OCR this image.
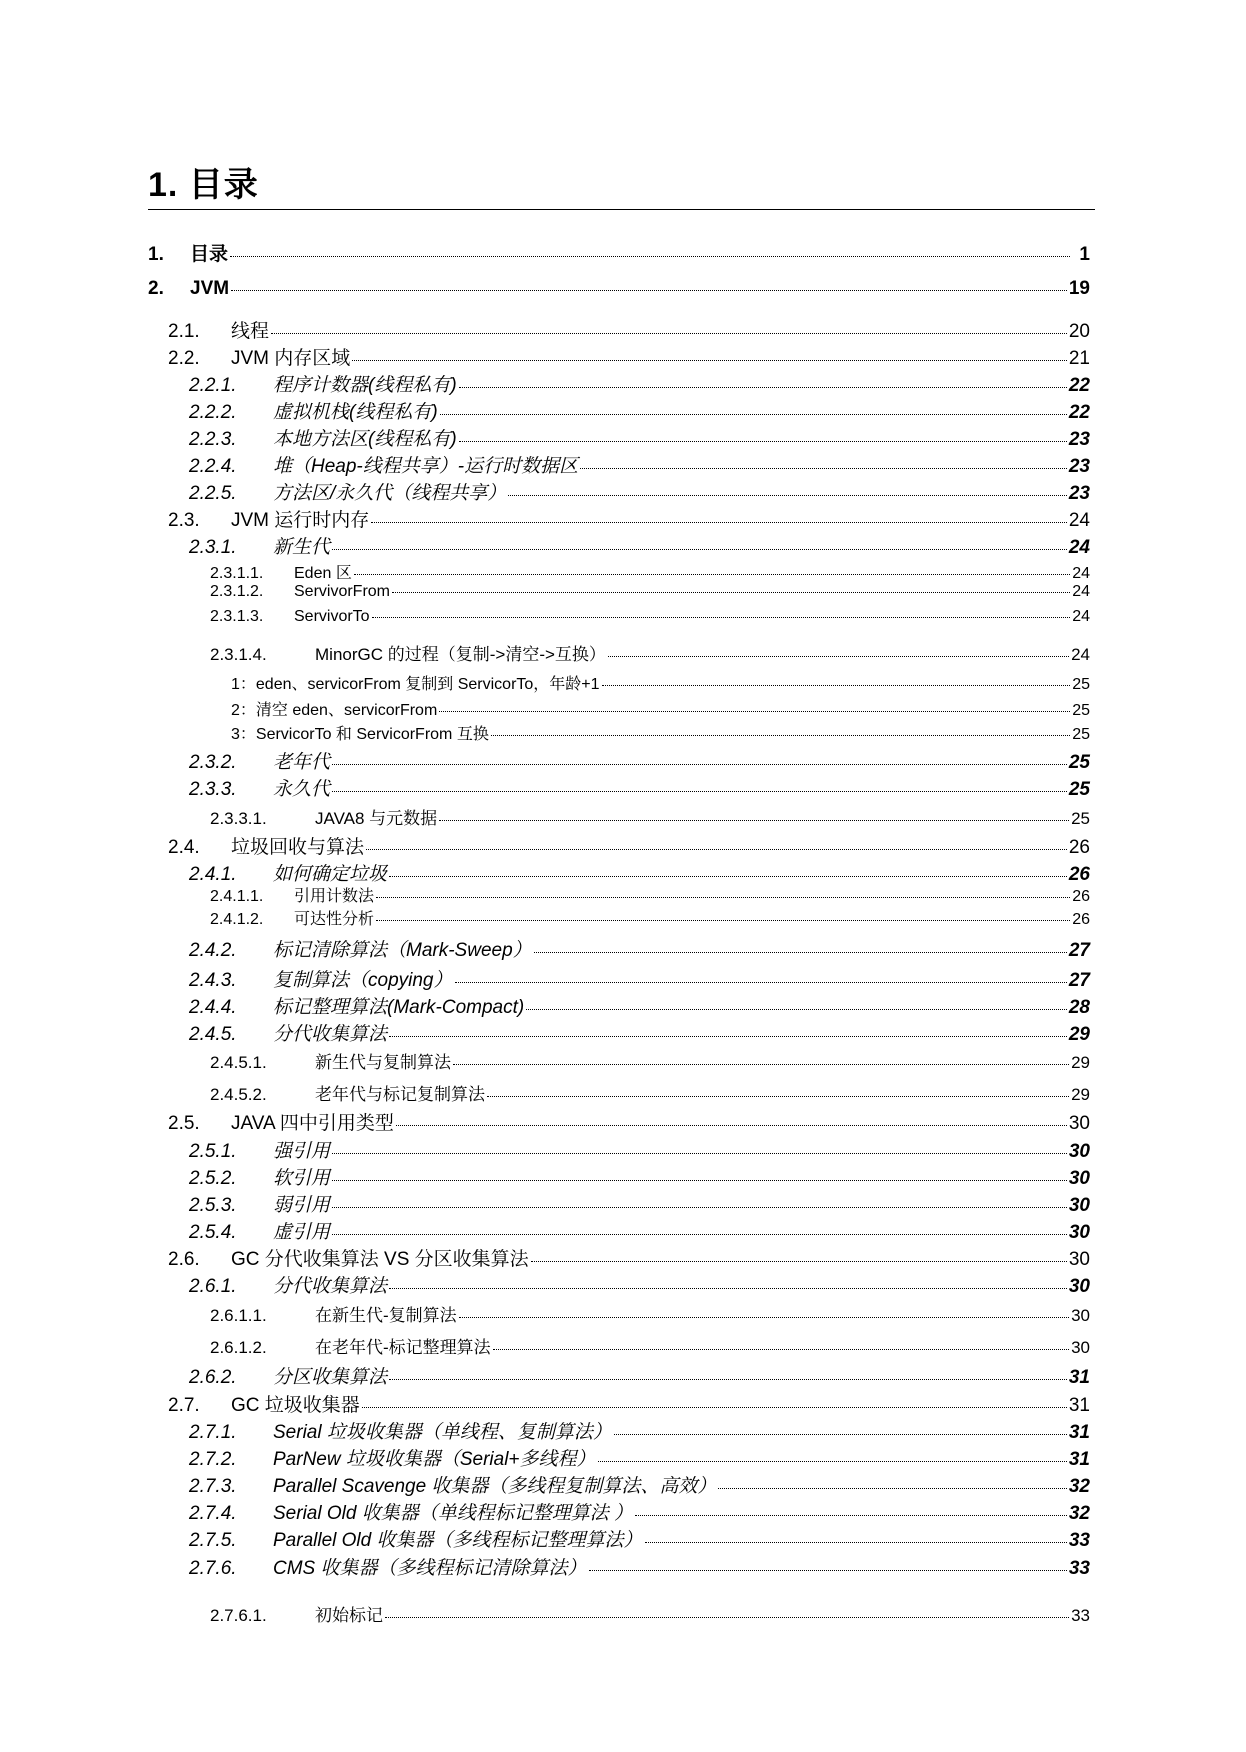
1. 目录
1.	目录	1
2.	JVM	19
2.1.	线程	20
2.2.	JVM 内存区域	21
2.2.1.	程序计数器(线程私有)	22
2.2.2.	虚拟机栈(线程私有)	22
2.2.3.	本地方法区(线程私有)	23
2.2.4.	堆（Heap-线程共享）-运行时数据区	23
2.2.5.	方法区/永久代（线程共享）	23
2.3.	JVM 运行时内存	24
2.3.1.	新生代	24
2.3.1.1.	Eden 区	24
2.3.1.2.	ServivorFrom	24
2.3.1.3.	ServivorTo	24
2.3.1.4.	MinorGC 的过程（复制->清空->互换）	24
1：eden、servicorFrom 复制到 ServicorTo，年龄+1	25
2：清空 eden、servicorFrom	25
3：ServicorTo 和 ServicorFrom 互换	25
2.3.2.	老年代	25
2.3.3.	永久代	25
2.3.3.1.	JAVA8 与元数据	25
2.4.	垃圾回收与算法	26
2.4.1.	如何确定垃圾	26
2.4.1.1.	引用计数法	26
2.4.1.2.	可达性分析	26
2.4.2.	标记清除算法（Mark-Sweep）	27
2.4.3.	复制算法（copying）	27
2.4.4.	标记整理算法(Mark-Compact)	28
2.4.5.	分代收集算法	29
2.4.5.1.	新生代与复制算法	29
2.4.5.2.	老年代与标记复制算法	29
2.5.	JAVA 四中引用类型	30
2.5.1.	强引用	30
2.5.2.	软引用	30
2.5.3.	弱引用	30
2.5.4.	虚引用	30
2.6.	GC 分代收集算法 VS 分区收集算法	30
2.6.1.	分代收集算法	30
2.6.1.1.	在新生代-复制算法	30
2.6.1.2.	在老年代-标记整理算法	30
2.6.2.	分区收集算法	31
2.7.	GC 垃圾收集器	31
2.7.1.	Serial 垃圾收集器（单线程、复制算法）	31
2.7.2.	ParNew 垃圾收集器（Serial+多线程）	31
2.7.3.	Parallel Scavenge 收集器（多线程复制算法、高效）	32
2.7.4.	Serial Old 收集器（单线程标记整理算法 ）	32
2.7.5.	Parallel Old 收集器（多线程标记整理算法）	33
2.7.6.	CMS 收集器（多线程标记清除算法）	33
2.7.6.1.	初始标记	33
